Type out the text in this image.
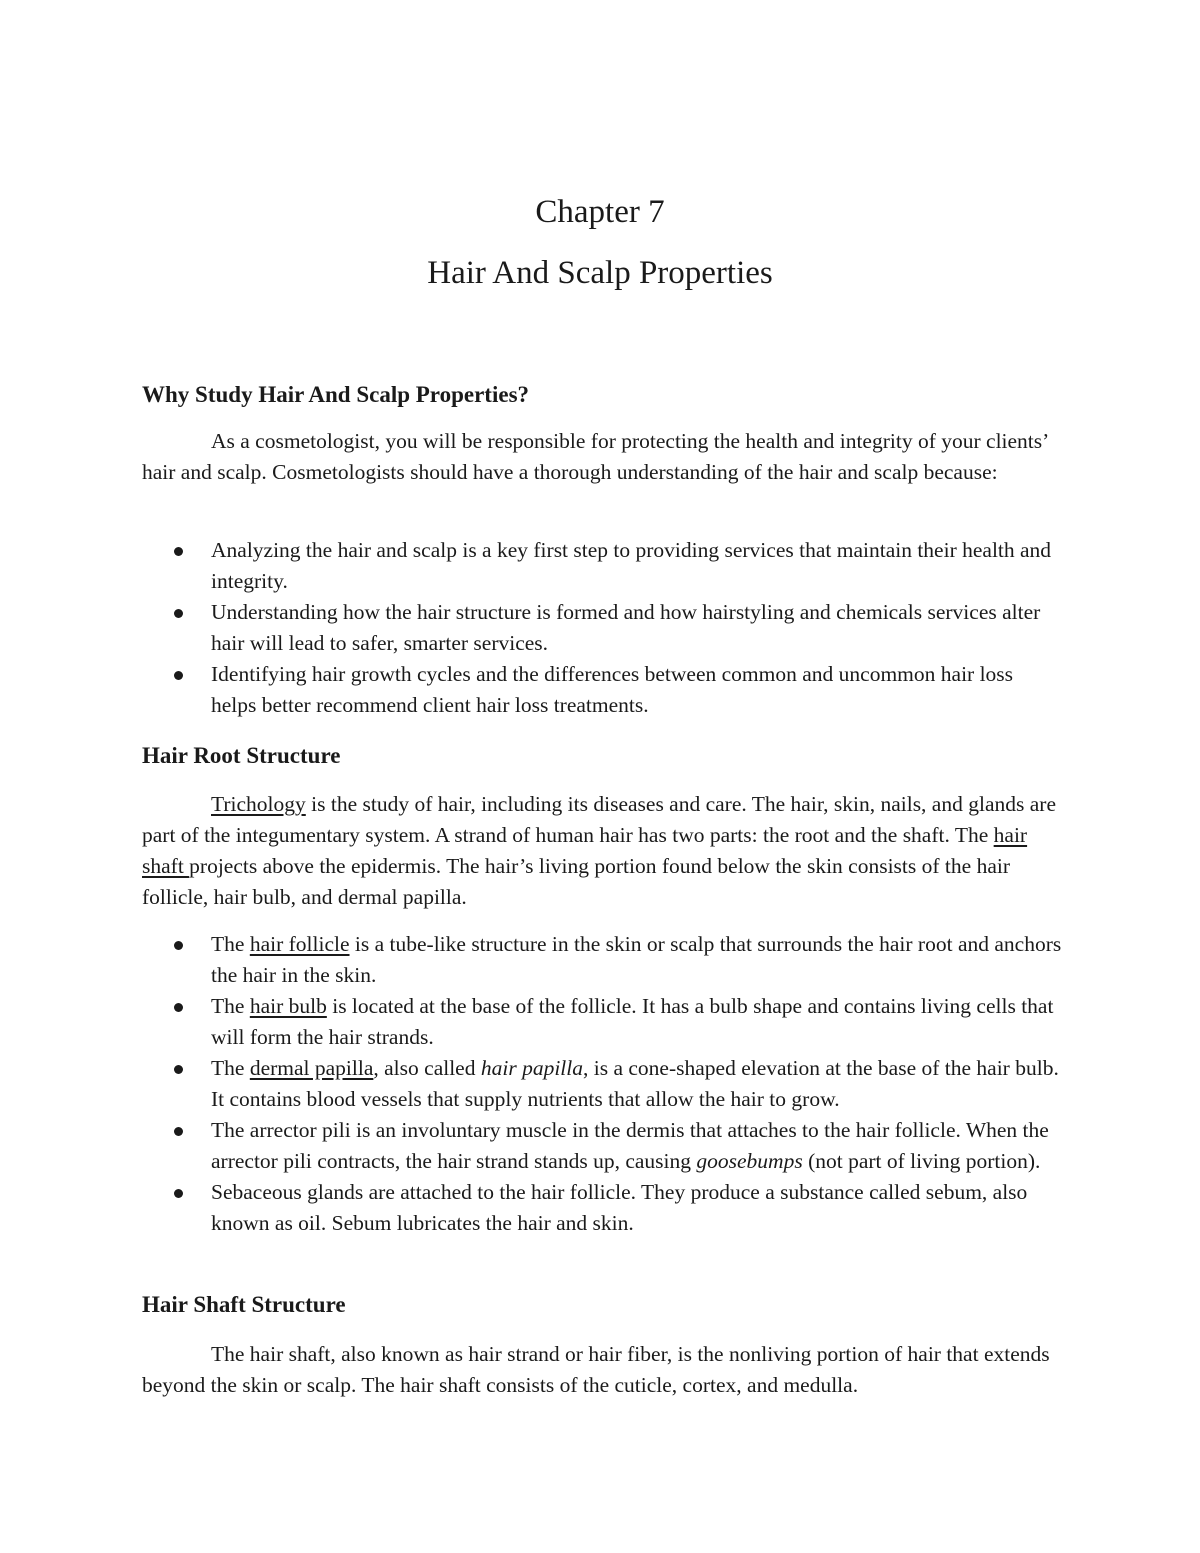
Chapter 7
Hair And Scalp Properties
Why Study Hair And Scalp Properties?
As a cosmetologist, you will be responsible for protecting the health and integrity of your clients’ hair and scalp. Cosmetologists should have a thorough understanding of the hair and scalp because:
Analyzing the hair and scalp is a key first step to providing services that maintain their health and integrity.
Understanding how the hair structure is formed and how hairstyling and chemicals services alter hair will lead to safer, smarter services.
Identifying hair growth cycles and the differences between common and uncommon hair loss helps better recommend client hair loss treatments.
Hair Root Structure
Trichology is the study of hair, including its diseases and care. The hair, skin, nails, and glands are part of the integumentary system. A strand of human hair has two parts: the root and the shaft. The hair shaft projects above the epidermis. The hair’s living portion found below the skin consists of the hair follicle, hair bulb, and dermal papilla.
The hair follicle is a tube-like structure in the skin or scalp that surrounds the hair root and anchors the hair in the skin.
The hair bulb is located at the base of the follicle. It has a bulb shape and contains living cells that will form the hair strands.
The dermal papilla, also called hair papilla, is a cone-shaped elevation at the base of the hair bulb. It contains blood vessels that supply nutrients that allow the hair to grow.
The arrector pili is an involuntary muscle in the dermis that attaches to the hair follicle. When the arrector pili contracts, the hair strand stands up, causing goosebumps (not part of living portion).
Sebaceous glands are attached to the hair follicle. They produce a substance called sebum, also known as oil. Sebum lubricates the hair and skin.
Hair Shaft Structure
The hair shaft, also known as hair strand or hair fiber, is the nonliving portion of hair that extends beyond the skin or scalp. The hair shaft consists of the cuticle, cortex, and medulla.
